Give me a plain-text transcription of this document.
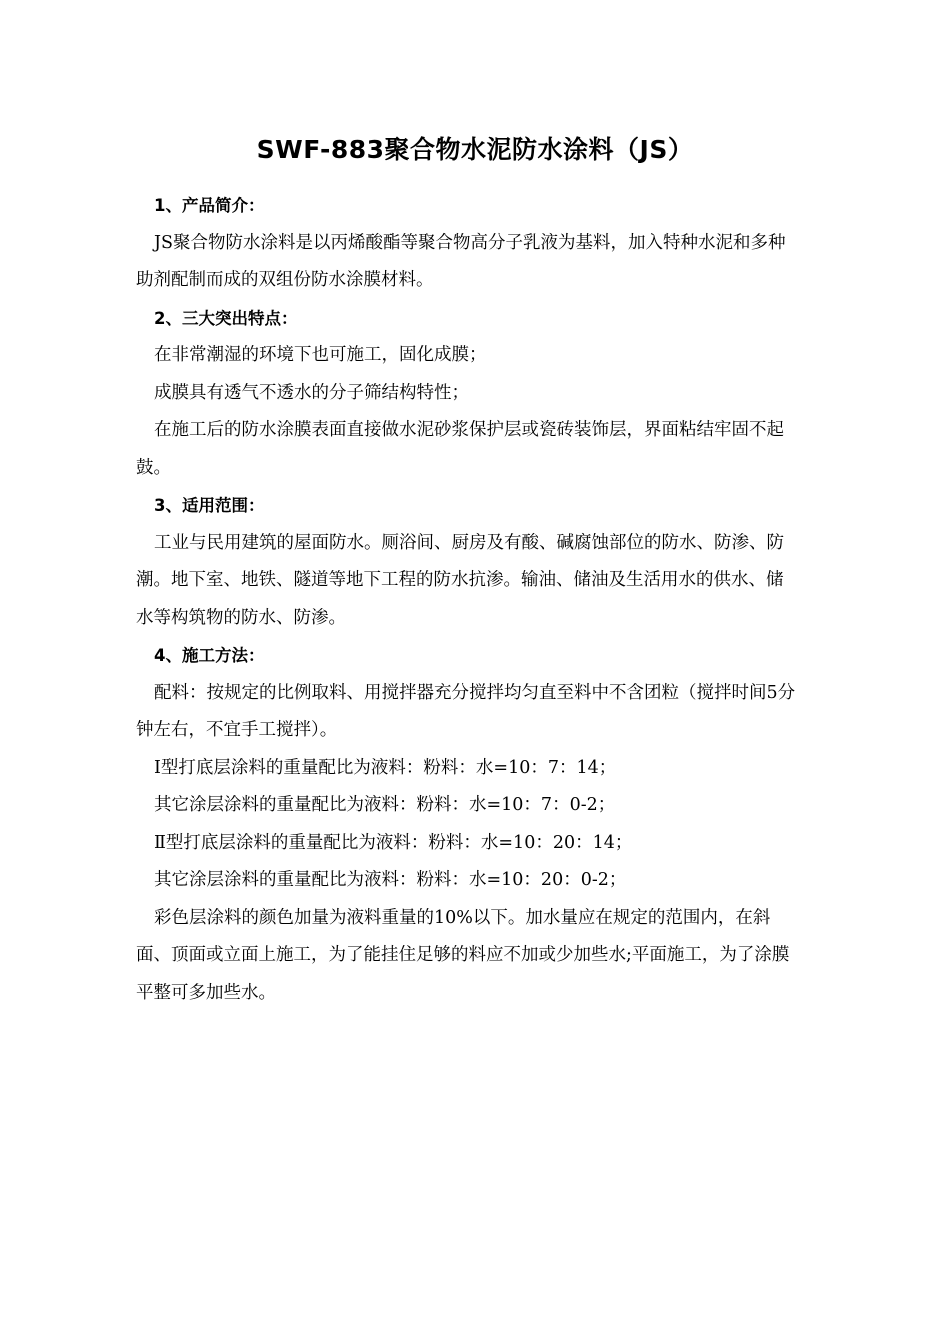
SWF-883聚合物水泥防水涂料（JS）

1、产品简介：

JS聚合物防水涂料是以丙烯酸酯等聚合物高分子乳液为基料，加入特种水泥和多种助剂配制而成的双组份防水涂膜材料。

2、三大突出特点：

在非常潮湿的环境下也可施工，固化成膜；

成膜具有透气不透水的分子筛结构特性；

在施工后的防水涂膜表面直接做水泥砂浆保护层或瓷砖装饰层，界面粘结牢固不起鼓。

3、适用范围：

工业与民用建筑的屋面防水。厕浴间、厨房及有酸、碱腐蚀部位的防水、防渗、防潮。地下室、地铁、隧道等地下工程的防水抗渗。输油、储油及生活用水的供水、储水等构筑物的防水、防渗。

4、施工方法：

配料：按规定的比例取料、用搅拌器充分搅拌均匀直至料中不含团粒（搅拌时间5分钟左右，不宜手工搅拌）。

Ⅰ型打底层涂料的重量配比为液料：粉料：水=10：7：14；

其它涂层涂料的重量配比为液料：粉料：水=10：7：0-2；

Ⅱ型打底层涂料的重量配比为液料：粉料：水=10：20：14；

其它涂层涂料的重量配比为液料：粉料：水=10：20：0-2；

彩色层涂料的颜色加量为液料重量的10%以下。加水量应在规定的范围内，在斜面、顶面或立面上施工，为了能挂住足够的料应不加或少加些水;平面施工，为了涂膜平整可多加些水。
